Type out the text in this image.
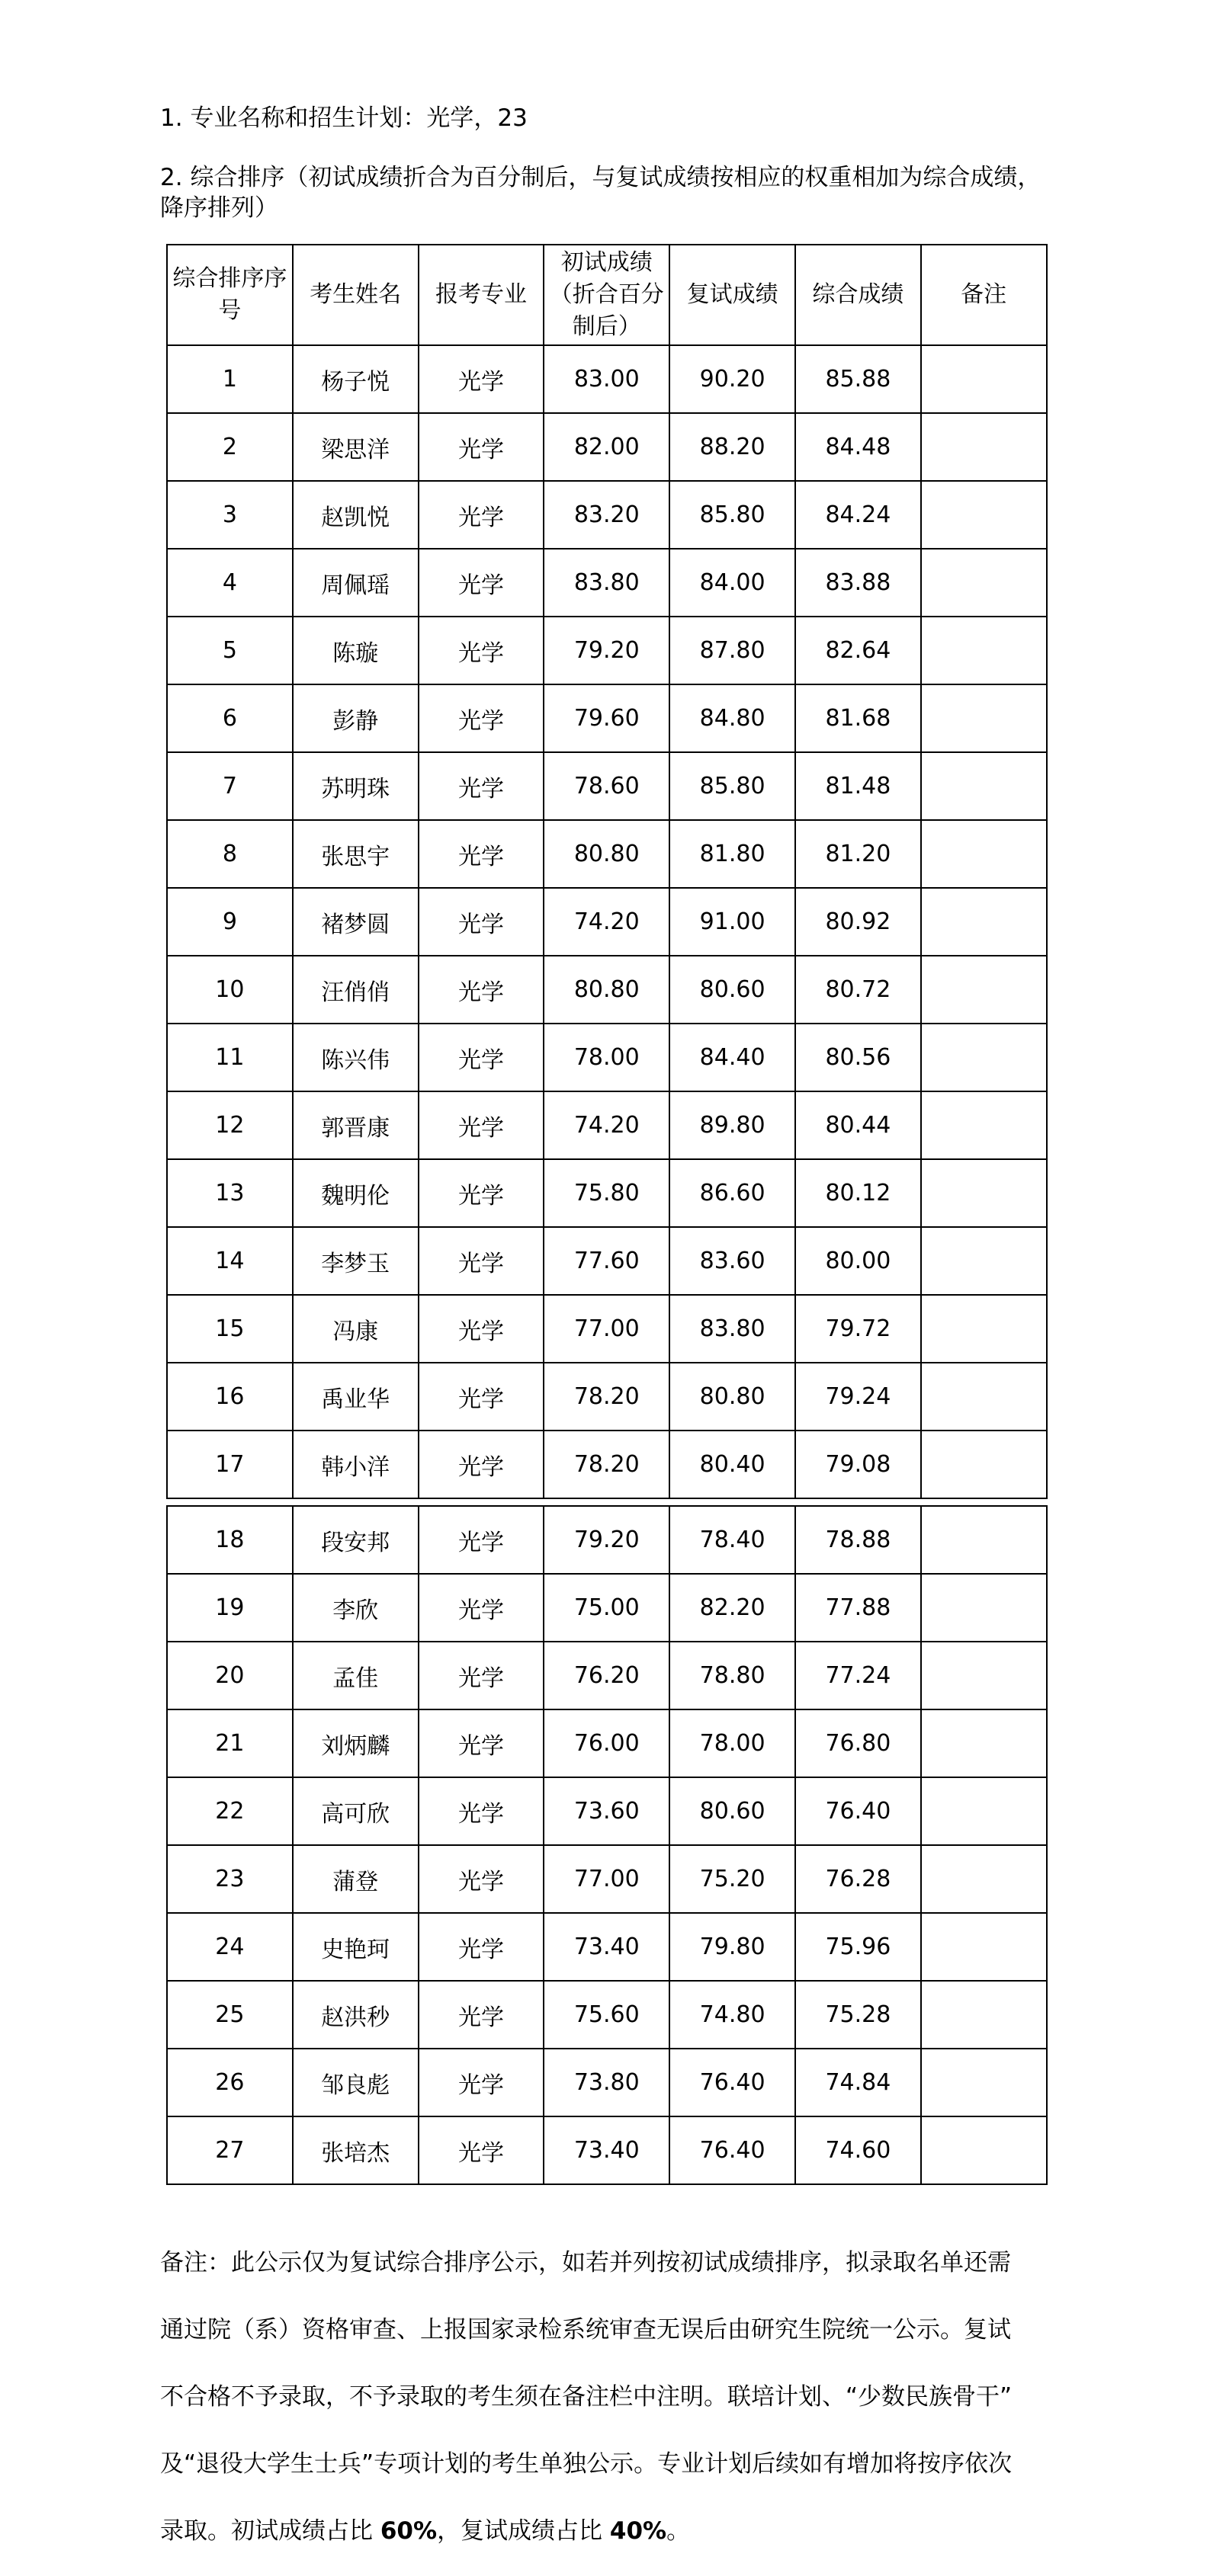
1. 专业名称和招生计划：光学，23
2. 综合排序（初试成绩折合为百分制后，与复试成绩按相应的权重相加为综合成绩，降序排列）
综合排序序号	考生姓名	报考专业	初试成绩（折合百分制后）	复试成绩	综合成绩	备注
1	杨子悦	光学	83.00	90.20	85.88	
2	梁思洋	光学	82.00	88.20	84.48	
3	赵凯悦	光学	83.20	85.80	84.24	
4	周佩瑶	光学	83.80	84.00	83.88	
5	陈璇	光学	79.20	87.80	82.64	
6	彭静	光学	79.60	84.80	81.68	
7	苏明珠	光学	78.60	85.80	81.48	
8	张思宇	光学	80.80	81.80	81.20	
9	褚梦圆	光学	74.20	91.00	80.92	
10	汪俏俏	光学	80.80	80.60	80.72	
11	陈兴伟	光学	78.00	84.40	80.56	
12	郭晋康	光学	74.20	89.80	80.44	
13	魏明伦	光学	75.80	86.60	80.12	
14	李梦玉	光学	77.60	83.60	80.00	
15	冯康	光学	77.00	83.80	79.72	
16	禹业华	光学	78.20	80.80	79.24	
17	韩小洋	光学	78.20	80.40	79.08	
18	段安邦	光学	79.20	78.40	78.88	
19	李欣	光学	75.00	82.20	77.88	
20	孟佳	光学	76.20	78.80	77.24	
21	刘炳麟	光学	76.00	78.00	76.80	
22	高可欣	光学	73.60	80.60	76.40	
23	蒲登	光学	77.00	75.20	76.28	
24	史艳珂	光学	73.40	79.80	75.96	
25	赵洪秒	光学	75.60	74.80	75.28	
26	邹良彪	光学	73.80	76.40	74.84	
27	张培杰	光学	73.40	76.40	74.60	
备注：此公示仅为复试综合排序公示，如若并列按初试成绩排序，拟录取名单还需
通过院（系）资格审查、上报国家录检系统审查无误后由研究生院统一公示。复试
不合格不予录取，不予录取的考生须在备注栏中注明。联培计划、“少数民族骨干”
及“退役大学生士兵”专项计划的考生单独公示。专业计划后续如有增加将按序依次
录取。初试成绩占比 60%，复试成绩占比 40%。
